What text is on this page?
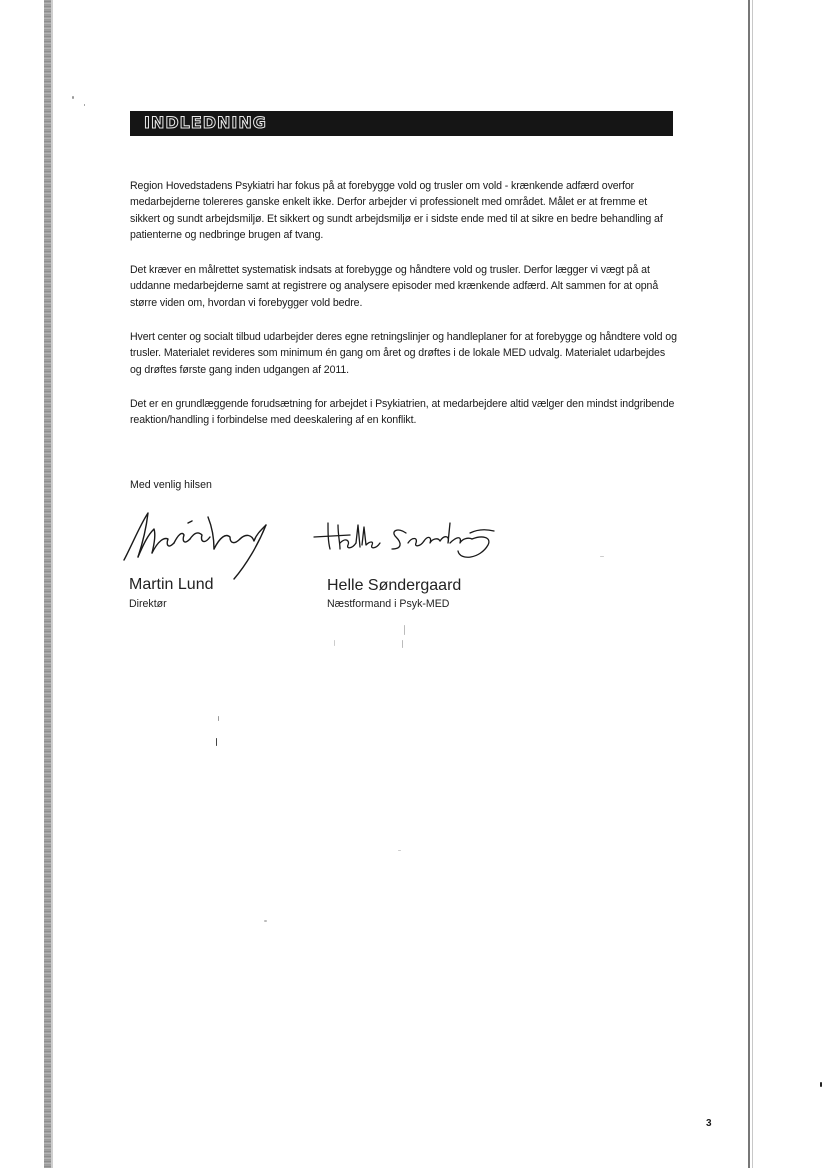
INDLEDNING

Region Hovedstadens Psykiatri har fokus på at forebygge vold og trusler om vold - krænkende adfærd overfor medarbejderne tolereres ganske enkelt ikke. Derfor arbejder vi professionelt med området. Målet er at fremme et sikkert og sundt arbejdsmiljø. Et sikkert og sundt arbejdsmiljø er i sidste ende med til at sikre en bedre behandling af patienterne og nedbringe brugen af tvang.

Det kræver en målrettet systematisk indsats at forebygge og håndtere vold og trusler. Derfor lægger vi vægt på at uddanne medarbejderne samt at registrere og analysere episoder med krænkende adfærd. Alt sammen for at opnå større viden om, hvordan vi forebygger vold bedre.

Hvert center og socialt tilbud udarbejder deres egne retningslinjer og handleplaner for at forebygge og håndtere vold og trusler. Materialet revideres som minimum én gang om året og drøftes i de lokale MED udvalg. Materialet udarbejdes og drøftes første gang inden udgangen af 2011.

Det er en grundlæggende forudsætning for arbejdet i Psykiatrien, at medarbejdere altid vælger den mindst indgribende reaktion/handling i forbindelse med deeskalering af en konflikt.

Med venlig hilsen

Martin Lund

Direktør

Helle Søndergaard

Næstformand i Psyk-MED

3
